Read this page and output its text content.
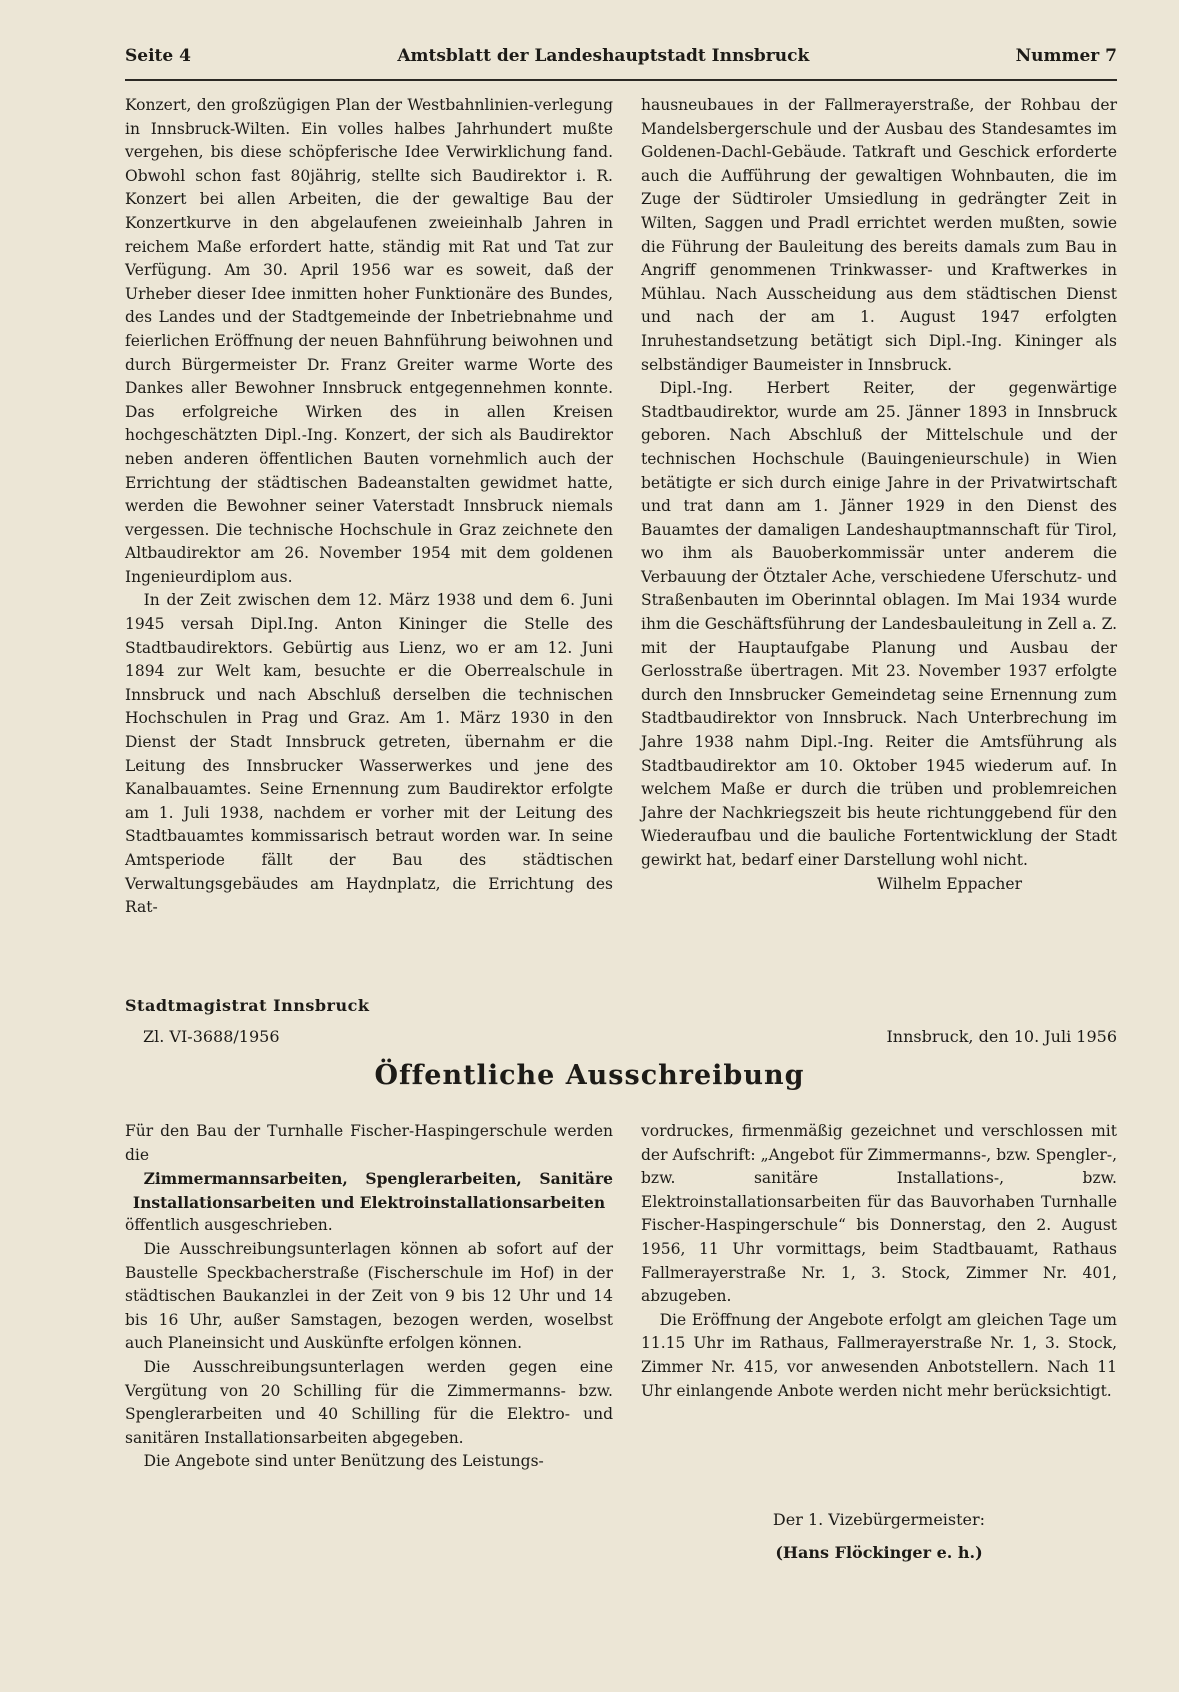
Seite 4	Amtsblatt der Landeshauptstadt Innsbruck	Nummer 7

Konzert, den großzügigen Plan der Westbahnlinien-verlegung in Innsbruck-Wilten. Ein volles halbes Jahrhundert mußte vergehen, bis diese schöpferische Idee Verwirklichung fand. Obwohl schon fast 80jährig, stellte sich Baudirektor i. R. Konzert bei allen Arbeiten, die der gewaltige Bau der Konzertkurve in den abgelaufenen zweieinhalb Jahren in reichem Maße erfordert hatte, ständig mit Rat und Tat zur Verfügung. Am 30. April 1956 war es soweit, daß der Urheber dieser Idee inmitten hoher Funktionäre des Bundes, des Landes und der Stadtgemeinde der Inbetriebnahme und feierlichen Eröffnung der neuen Bahnführung beiwohnen und durch Bürgermeister Dr. Franz Greiter warme Worte des Dankes aller Bewohner Innsbruck entgegennehmen konnte. Das erfolgreiche Wirken des in allen Kreisen hochgeschätzten Dipl.-Ing. Konzert, der sich als Baudirektor neben anderen öffentlichen Bauten vornehmlich auch der Errichtung der städtischen Badeanstalten gewidmet hatte, werden die Bewohner seiner Vaterstadt Innsbruck niemals vergessen. Die technische Hochschule in Graz zeichnete den Altbaudirektor am 26. November 1954 mit dem goldenen Ingenieurdiplom aus.

In der Zeit zwischen dem 12. März 1938 und dem 6. Juni 1945 versah Dipl.Ing. Anton Kininger die Stelle des Stadtbaudirektors. Gebürtig aus Lienz, wo er am 12. Juni 1894 zur Welt kam, besuchte er die Oberrealschule in Innsbruck und nach Abschluß derselben die technischen Hochschulen in Prag und Graz. Am 1. März 1930 in den Dienst der Stadt Innsbruck getreten, übernahm er die Leitung des Innsbrucker Wasserwerkes und jene des Kanalbauamtes. Seine Ernennung zum Baudirektor erfolgte am 1. Juli 1938, nachdem er vorher mit der Leitung des Stadtbauamtes kommissarisch betraut worden war. In seine Amtsperiode fällt der Bau des städtischen Verwaltungsgebäudes am Haydnplatz, die Errichtung des Rat-

hausneubaues in der Fallmerayerstraße, der Rohbau der Mandelsbergerschule und der Ausbau des Standesamtes im Goldenen-Dachl-Gebäude. Tatkraft und Geschick erforderte auch die Aufführung der gewaltigen Wohnbauten, die im Zuge der Südtiroler Umsiedlung in gedrängter Zeit in Wilten, Saggen und Pradl errichtet werden mußten, sowie die Führung der Bauleitung des bereits damals zum Bau in Angriff genommenen Trinkwasser- und Kraftwerkes in Mühlau. Nach Ausscheidung aus dem städtischen Dienst und nach der am 1. August 1947 erfolgten Inruhestandsetzung betätigt sich Dipl.-Ing. Kininger als selbständiger Baumeister in Innsbruck.

Dipl.-Ing. Herbert Reiter, der gegenwärtige Stadtbaudirektor, wurde am 25. Jänner 1893 in Innsbruck geboren. Nach Abschluß der Mittelschule und der technischen Hochschule (Bauingenieurschule) in Wien betätigte er sich durch einige Jahre in der Privatwirtschaft und trat dann am 1. Jänner 1929 in den Dienst des Bauamtes der damaligen Landeshauptmannschaft für Tirol, wo ihm als Bauoberkommissär unter anderem die Verbauung der Ötztaler Ache, verschiedene Uferschutz- und Straßenbauten im Oberinntal oblagen. Im Mai 1934 wurde ihm die Geschäftsführung der Landesbauleitung in Zell a. Z. mit der Hauptaufgabe Planung und Ausbau der Gerlosstraße übertragen. Mit 23. November 1937 erfolgte durch den Innsbrucker Gemeindetag seine Ernennung zum Stadtbaudirektor von Innsbruck. Nach Unterbrechung im Jahre 1938 nahm Dipl.-Ing. Reiter die Amtsführung als Stadtbaudirektor am 10. Oktober 1945 wiederum auf. In welchem Maße er durch die trüben und problemreichen Jahre der Nachkriegszeit bis heute richtunggebend für den Wiederaufbau und die bauliche Fortentwicklung der Stadt gewirkt hat, bedarf einer Darstellung wohl nicht.

Wilhelm Eppacher

Stadtmagistrat Innsbruck
Zl. VI-3688/1956	Innsbruck, den 10. Juli 1956
Öffentliche Ausschreibung

Für den Bau der Turnhalle Fischer-Haspingerschule werden die

Zimmermannsarbeiten, Spenglerarbeiten, Sanitäre Installationsarbeiten und Elektroinstallationsarbeiten

öffentlich ausgeschrieben.

Die Ausschreibungsunterlagen können ab sofort auf der Baustelle Speckbacherstraße (Fischerschule im Hof) in der städtischen Baukanzlei in der Zeit von 9 bis 12 Uhr und 14 bis 16 Uhr, außer Samstagen, bezogen werden, woselbst auch Planeinsicht und Auskünfte erfolgen können.

Die Ausschreibungsunterlagen werden gegen eine Vergütung von 20 Schilling für die Zimmermanns- bzw. Spenglerarbeiten und 40 Schilling für die Elektro- und sanitären Installationsarbeiten abgegeben.

Die Angebote sind unter Benützung des Leistungs-

vordruckes, firmenmäßig gezeichnet und verschlossen mit der Aufschrift: „Angebot für Zimmermanns-, bzw. Spengler-, bzw. sanitäre Installations-, bzw. Elektroinstallationsarbeiten für das Bauvorhaben Turnhalle Fischer-Haspingerschule“ bis Donnerstag, den 2. August 1956, 11 Uhr vormittags, beim Stadtbauamt, Rathaus Fallmerayerstraße Nr. 1, 3. Stock, Zimmer Nr. 401, abzugeben.

Die Eröffnung der Angebote erfolgt am gleichen Tage um 11.15 Uhr im Rathaus, Fallmerayerstraße Nr. 1, 3. Stock, Zimmer Nr. 415, vor anwesenden Anbotstellern. Nach 11 Uhr einlangende Anbote werden nicht mehr berücksichtigt.

Der 1. Vizebürgermeister:
(Hans Flöckinger e. h.)
